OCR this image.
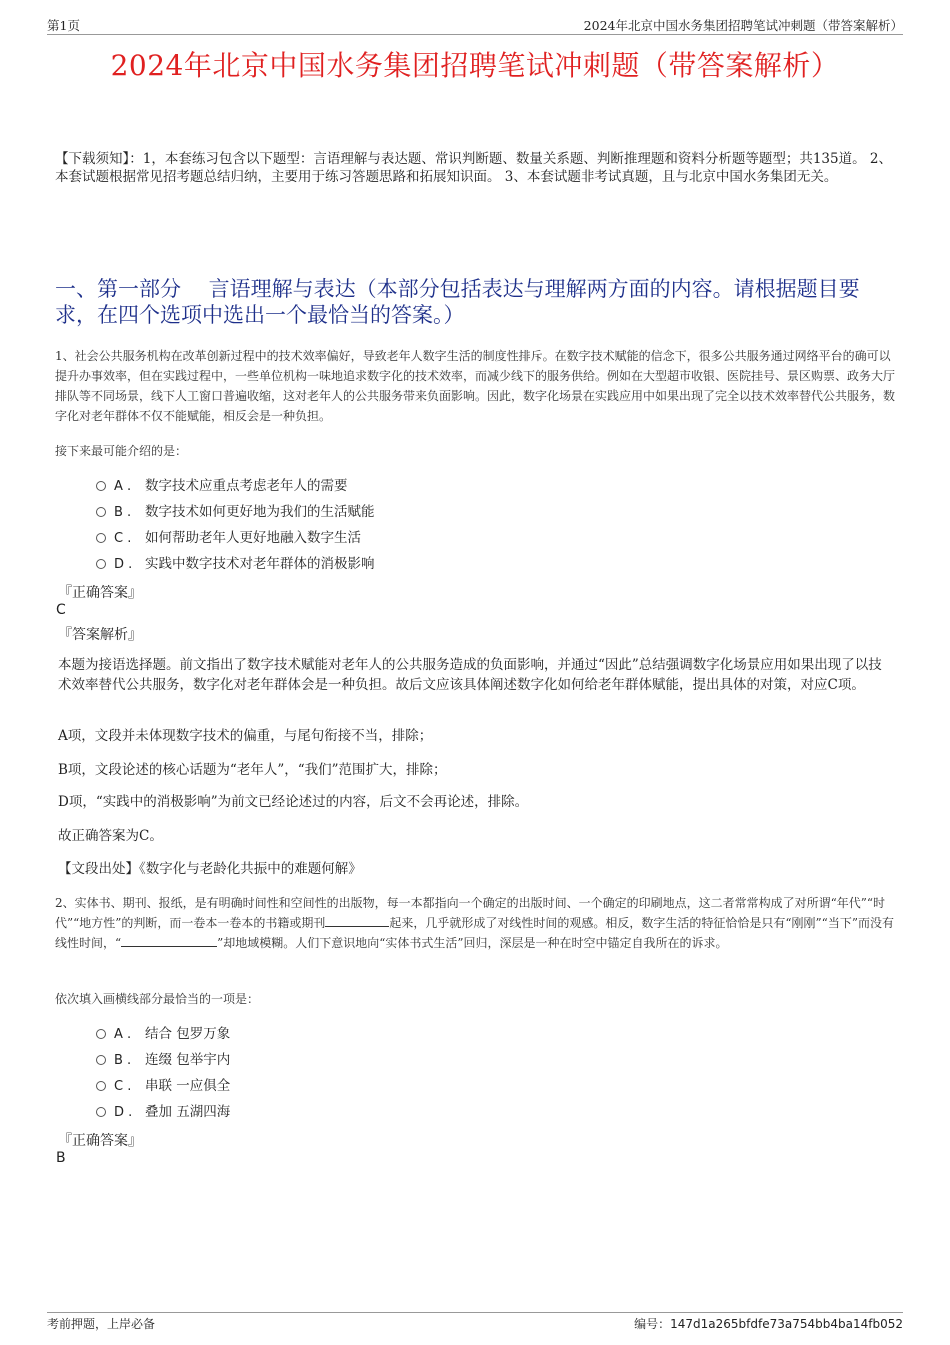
第1页	2024年北京中国水务集团招聘笔试冲刺题（带答案解析）
2024年北京中国水务集团招聘笔试冲刺题（带答案解析）
【下载须知】：1，本套练习包含以下题型：言语理解与表达题、常识判断题、数量关系题、判断推理题和资料分析题等题型；共135道。 2、本套试题根据常见招考题总结归纳，主要用于练习答题思路和拓展知识面。 3、本套试题非考试真题，且与北京中国水务集团无关。
一、第一部分　 言语理解与表达（本部分包括表达与理解两方面的内容。请根据题目要求，在四个选项中选出一个最恰当的答案。）
1、社会公共服务机构在改革创新过程中的技术效率偏好，导致老年人数字生活的制度性排斥。在数字技术赋能的信念下，很多公共服务通过网络平台的确可以提升办事效率，但在实践过程中，一些单位机构一味地追求数字化的技术效率，而减少线下的服务供给。例如在大型超市收银、医院挂号、景区购票、政务大厅排队等不同场景，线下人工窗口普遍收缩，这对老年人的公共服务带来负面影响。因此，数字化场景在实践应用中如果出现了完全以技术效率替代公共服务，数字化对老年群体不仅不能赋能，相反会是一种负担。
接下来最可能介绍的是：
A . 数字技术应重点考虑老年人的需要
B . 数字技术如何更好地为我们的生活赋能
C . 如何帮助老年人更好地融入数字生活
D . 实践中数字技术对老年群体的消极影响
『正确答案』
C
『答案解析』
本题为接语选择题。前文指出了数字技术赋能对老年人的公共服务造成的负面影响，并通过“因此”总结强调数字化场景应用如果出现了以技术效率替代公共服务，数字化对老年群体会是一种负担。故后文应该具体阐述数字化如何给老年群体赋能，提出具体的对策，对应C项。
A项，文段并未体现数字技术的偏重，与尾句衔接不当，排除；
B项，文段论述的核心话题为“老年人”，“我们”范围扩大，排除；
D项，“实践中的消极影响”为前文已经论述过的内容，后文不会再论述，排除。
故正确答案为C。
【文段出处】《数字化与老龄化共振中的难题何解》
2、实体书、期刊、报纸，是有明确时间性和空间性的出版物，每一本都指向一个确定的出版时间、一个确定的印刷地点，这二者常常构成了对所谓“年代”“时代”“地方性”的判断，而一卷本一卷本的书籍或期刊	起来，几乎就形成了对线性时间的观感。相反，数字生活的特征恰恰是只有“刚刚”“当下”而没有线性时间，“	”却地域模糊。人们下意识地向“实体书式生活”回归，深层是一种在时空中锚定自我所在的诉求。
依次填入画横线部分最恰当的一项是：
A . 结合 包罗万象
B . 连缀 包举宇内
C . 串联 一应俱全
D . 叠加 五湖四海
『正确答案』
B
考前押题，上岸必备	编号：147d1a265bfdfe73a754bb4ba14fb052
